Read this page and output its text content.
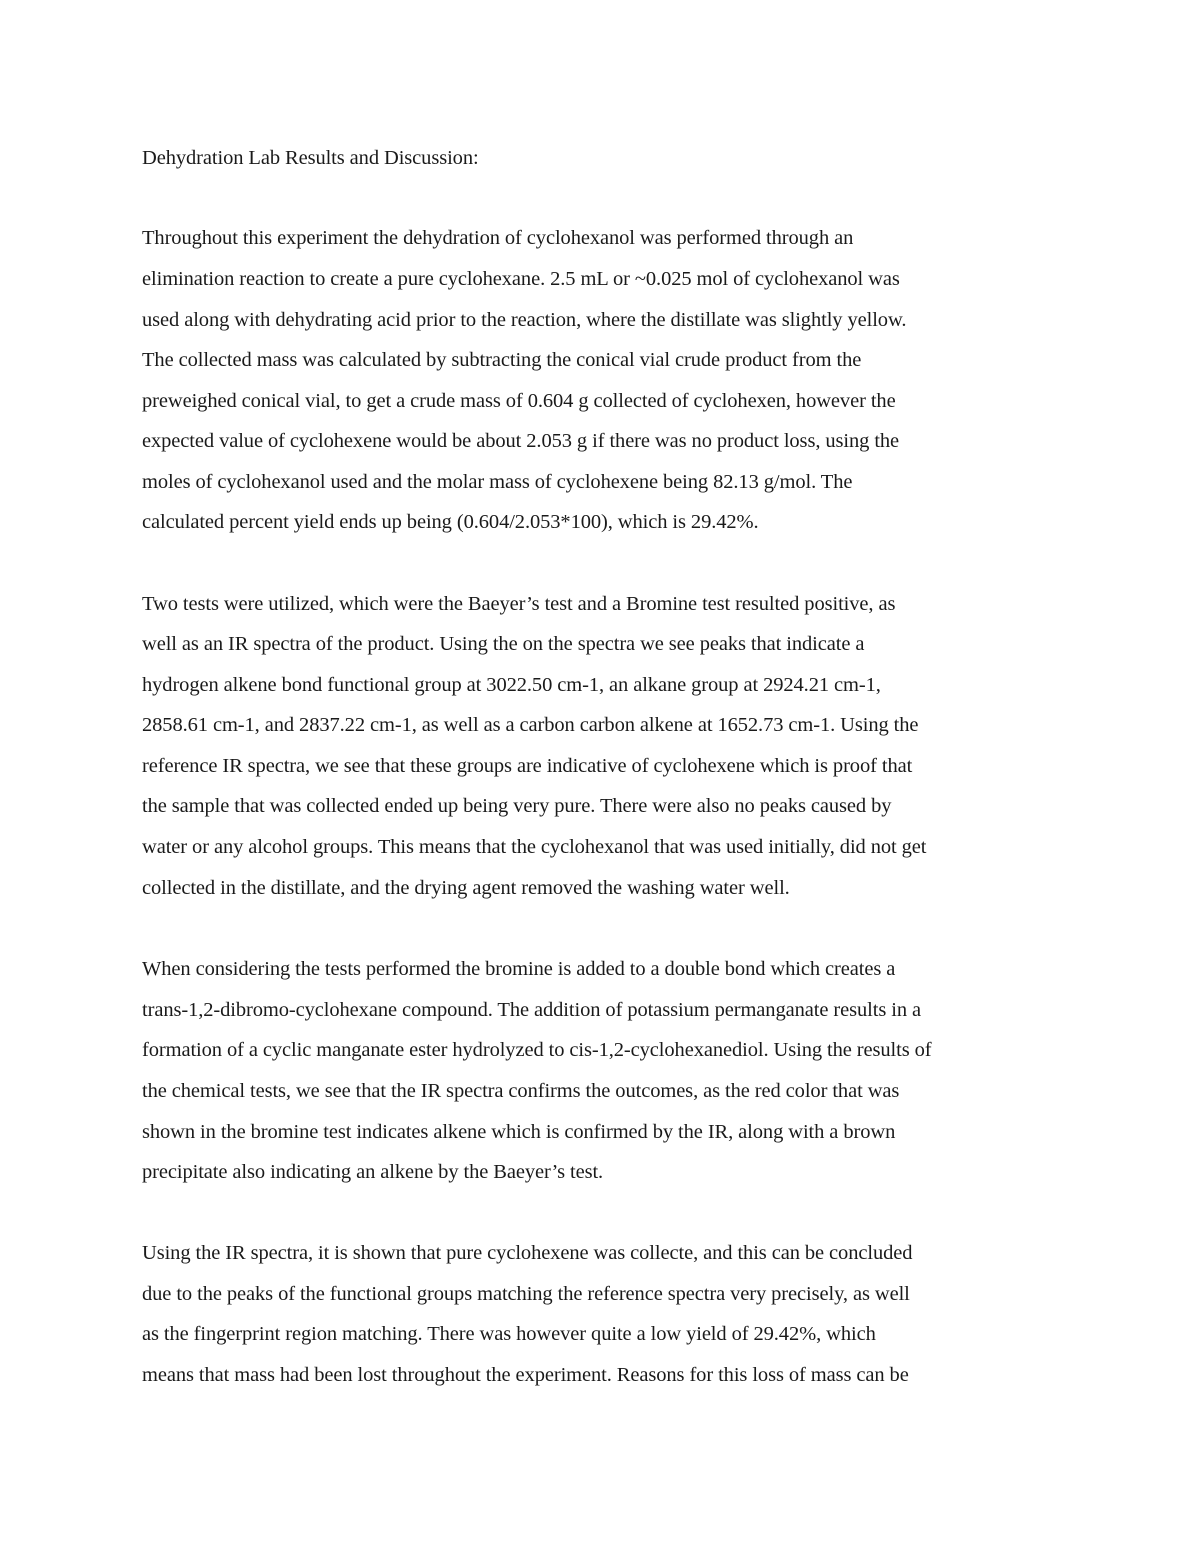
Dehydration Lab Results and Discussion:

Throughout this experiment the dehydration of cyclohexanol was performed through an

elimination reaction to create a pure cyclohexane. 2.5 mL or ~0.025 mol of cyclohexanol was

used along with dehydrating acid prior to the reaction, where the distillate was slightly yellow.

The collected mass was calculated by subtracting the conical vial crude product from the

preweighed conical vial, to get a crude mass of 0.604 g collected of cyclohexen, however the

expected value of cyclohexene would be about 2.053 g if there was no product loss, using the

moles of cyclohexanol used and the molar mass of cyclohexene being 82.13 g/mol. The

calculated percent yield ends up being (0.604/2.053*100), which is 29.42%.

Two tests were utilized, which were the Baeyer’s test and a Bromine test resulted positive, as

well as an IR spectra of the product. Using the on the spectra we see peaks that indicate a

hydrogen alkene bond functional group at 3022.50 cm-1, an alkane group at 2924.21 cm-1,

2858.61 cm-1, and 2837.22 cm-1, as well as a carbon carbon alkene at 1652.73 cm-1. Using the

reference IR spectra, we see that these groups are indicative of cyclohexene which is proof that

the sample that was collected ended up being very pure. There were also no peaks caused by

water or any alcohol groups. This means that the cyclohexanol that was used initially, did not get

collected in the distillate, and the drying agent removed the washing water well.

When considering the tests performed the bromine is added to a double bond which creates a

trans-1,2-dibromo-cyclohexane compound. The addition of potassium permanganate results in a

formation of a cyclic manganate ester hydrolyzed to cis-1,2-cyclohexanediol. Using the results of

the chemical tests, we see that the IR spectra confirms the outcomes, as the red color that was

shown in the bromine test indicates alkene which is confirmed by the IR, along with a brown

precipitate also indicating an alkene by the Baeyer’s test.

Using the IR spectra, it is shown that pure cyclohexene was collecte, and this can be concluded

due to the peaks of the functional groups matching the reference spectra very precisely, as well

as the fingerprint region matching. There was however quite a low yield of 29.42%, which

means that mass had been lost throughout the experiment. Reasons for this loss of mass can be
